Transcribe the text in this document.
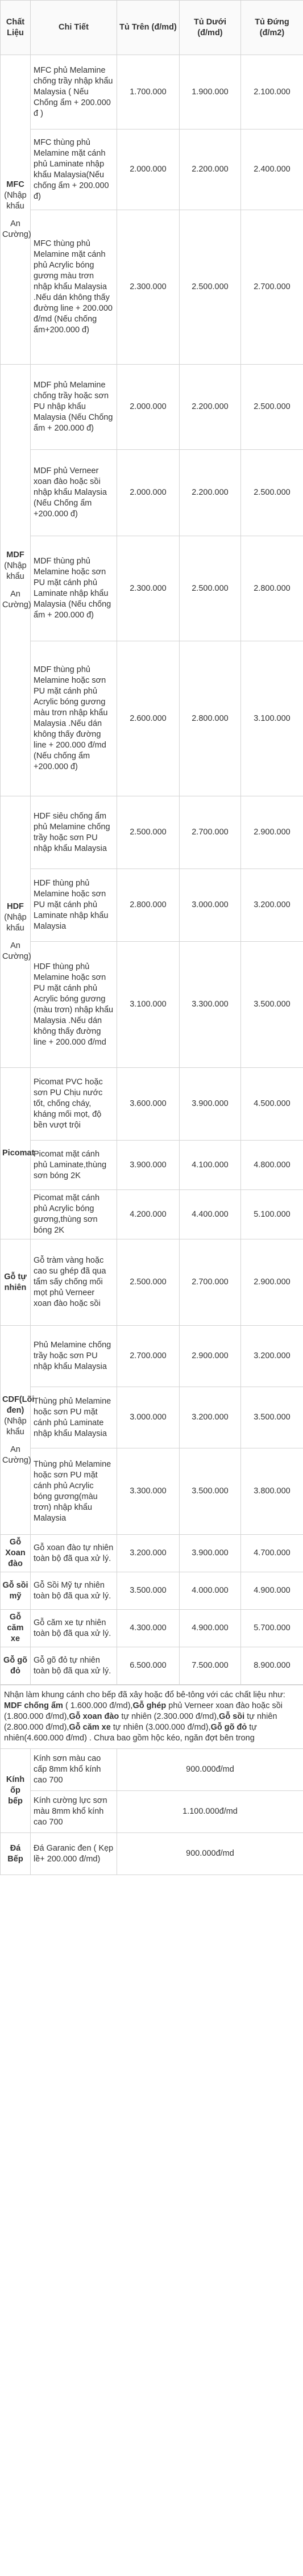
Chất Liệu	Chi Tiết	Tủ Trên (đ/md)	Tủ Dưới (đ/md)	Tủ Đứng (đ/m2)

MFC
(Nhập khẩu
An Cường)	MFC phủ Melamine chống trầy nhập khẩu Malaysia ( Nếu Chống ẩm + 200.000 đ )	1.700.000	1.900.000	2.100.000
	MFC thùng phủ Melamine mặt cánh phủ Laminate nhập khẩu Malaysia(Nếu chống ẩm + 200.000 đ)	2.000.000	2.200.000	2.400.000
	MFC thùng phủ Melamine mặt cánh phủ Acrylic bóng gương màu trơn nhập khẩu Malaysia .Nếu dán không thấy đường line + 200.000 đ/md (Nếu chống ẩm+200.000 đ)	2.300.000	2.500.000	2.700.000

MDF
(Nhập khẩu
An Cường)	MDF phủ Melamine chống trầy hoặc sơn PU nhập khẩu Malaysia (Nếu Chống ẩm + 200.000 đ)	2.000.000	2.200.000	2.500.000
	MDF phủ Verneer xoan đào hoặc sồi nhập khẩu Malaysia (Nếu Chống ẩm +200.000 đ)	2.000.000	2.200.000	2.500.000
	MDF thùng phủ Melamine hoặc sơn PU mặt cánh phủ Laminate nhập khẩu Malaysia (Nếu chống ẩm + 200.000 đ)	2.300.000	2.500.000	2.800.000
	MDF thùng phủ Melamine hoặc sơn PU mặt cánh phủ Acrylic bóng gương màu trơn nhập khẩu Malaysia .Nếu dán không thấy đường line + 200.000 đ/md (Nếu chống ẩm +200.000 đ)	2.600.000	2.800.000	3.100.000

HDF
(Nhập khẩu
An Cường)	HDF siêu chống ẩm phủ Melamine chống trầy hoặc sơn PU nhập khẩu Malaysia	2.500.000	2.700.000	2.900.000
	HDF thùng phủ Melamine hoặc sơn PU mặt cánh phủ Laminate nhập khẩu Malaysia	2.800.000	3.000.000	3.200.000
	HDF thùng phủ Melamine hoặc sơn PU mặt cánh phủ Acrylic bóng gương (màu trơn) nhập khẩu Malaysia .Nếu dán không thấy đường line + 200.000 đ/md	3.100.000	3.300.000	3.500.000

Picomat	Picomat PVC hoặc sơn PU Chịu nước tốt, chống cháy, kháng mối mọt, độ bền vượt trội	3.600.000	3.900.000	4.500.000
	Picomat mặt cánh phủ Laminate,thùng sơn bóng 2K	3.900.000	4.100.000	4.800.000
	Picomat mặt cánh phủ Acrylic bóng gương,thùng sơn bóng 2K	4.200.000	4.400.000	5.100.000

Gỗ tự nhiên	Gỗ tràm vàng hoặc cao su ghép đã qua tẩm sấy chống mối mọt phủ Verneer xoan đào hoặc sồi	2.500.000	2.700.000	2.900.000

CDF(Lõi đen)
(Nhập khẩu
An Cường)	Phủ Melamine chống trầy hoặc sơn PU nhập khẩu Malaysia	2.700.000	2.900.000	3.200.000
	Thùng phủ Melamine hoặc sơn PU mặt cánh phủ Laminate nhập khẩu Malaysia	3.000.000	3.200.000	3.500.000
	Thùng phủ Melamine hoặc sơn PU mặt cánh phủ Acrylic bóng gương(màu trơn) nhập khẩu Malaysia	3.300.000	3.500.000	3.800.000

Gỗ Xoan đào	Gỗ xoan đào tự nhiên toàn bộ đã qua xử lý.	3.200.000	3.900.000	4.700.000

Gỗ sồi mỹ	Gỗ Sồi Mỹ tự nhiên toàn bộ đã qua xử lý.	3.500.000	4.000.000	4.900.000

Gỗ căm xe	Gỗ căm xe tự nhiên toàn bộ đã qua xử lý.	4.300.000	4.900.000	5.700.000

Gỗ gõ đỏ	Gỗ gõ đỏ tự nhiên toàn bộ đã qua xử lý.	6.500.000	7.500.000	8.900.000
Nhận làm khung cánh cho bếp đã xây hoặc đổ bê-tông với các chất liệu như: MDF chống ẩm ( 1.600.000 đ/md),Gỗ ghép phủ Verneer xoan đào hoặc sồi (1.800.000 đ/md),Gỗ xoan đào tự nhiên (2.300.000 đ/md),Gỗ sồi tự nhiên (2.800.000 đ/md),Gỗ căm xe tự nhiên (3.000.000 đ/md),Gỗ gõ đỏ tự nhiên(4.600.000 đ/md) . Chưa bao gồm hộc kéo, ngăn đợt bên trong		
Kính ốp bếp	Kính sơn màu cao cấp 8mm khổ kính cao 700	900.000đ/md
	Kính cường lực sơn màu 8mm khổ kính cao 700	1.100.000đ/md
Đá Bếp	Đá Garanic đen ( Kẹp lề+ 200.000 đ/md)	900.000đ/md
